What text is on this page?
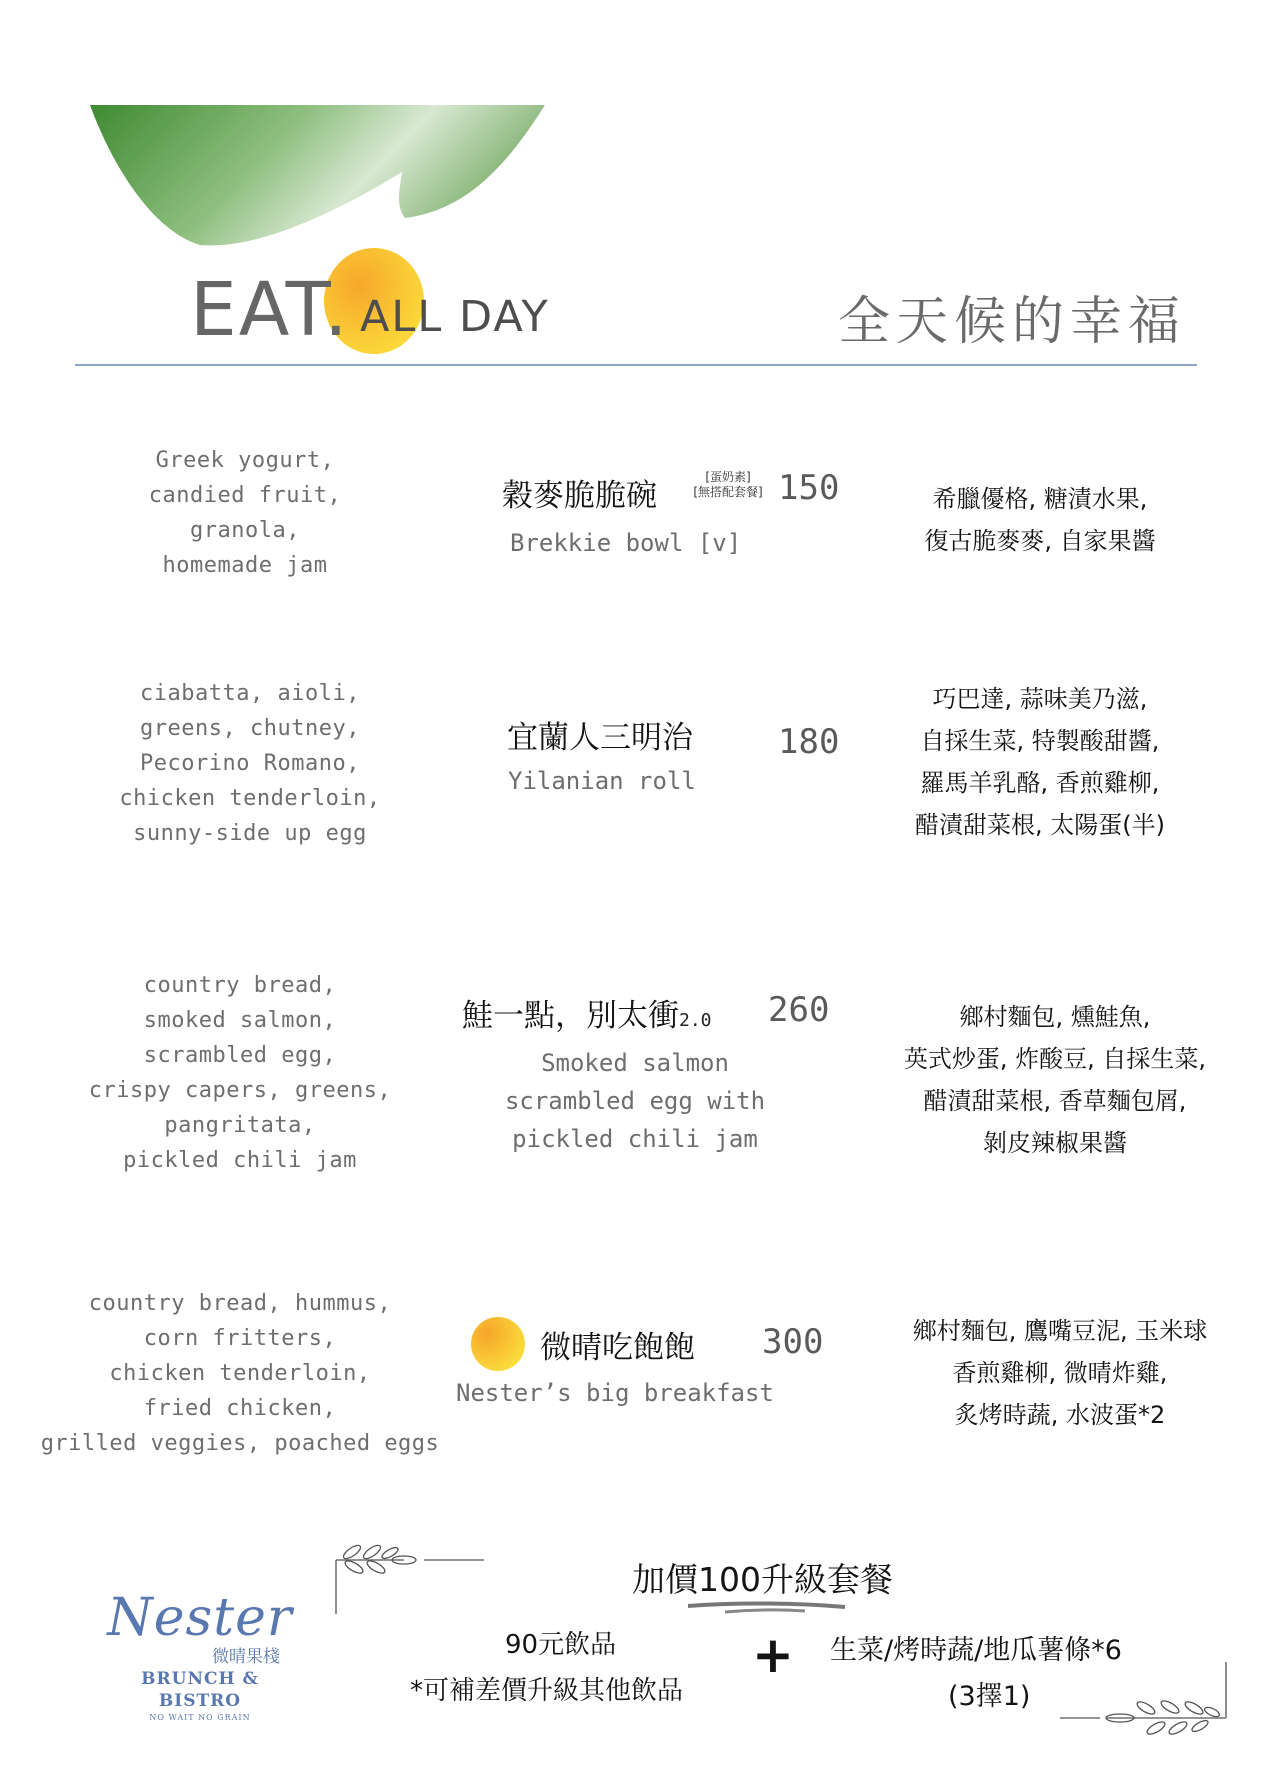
EAT. ALL DAY	全天候的幸福
Greek yogurt,
candied fruit,
granola,
homemade jam
穀麥脆脆碗
[蛋奶素]
[無搭配套餐] 150
Brekkie bowl [v]
希臘優格, 糖漬水果,
復古脆麥麥, 自家果醬
ciabatta, aioli,
greens, chutney,
Pecorino Romano,
chicken tenderloin,
sunny-side up egg
宜蘭人三明治	180
Yilanian roll
巧巴達, 蒜味美乃滋,
自採生菜, 特製酸甜醬,
羅馬羊乳酪, 香煎雞柳,
醋漬甜菜根, 太陽蛋(半)
country bread,
smoked salmon,
scrambled egg,
crispy capers, greens,
pangritata,
pickled chili jam
鮭一點，別太衝2.0 260
Smoked salmon
scrambled egg with
pickled chili jam
鄉村麵包, 燻鮭魚,
英式炒蛋, 炸酸豆, 自採生菜,
醋漬甜菜根, 香草麵包屑,
剝皮辣椒果醬
country bread, hummus,
corn fritters,
chicken tenderloin,
fried chicken,
grilled veggies, poached eggs
微晴吃飽飽 300
Nester’s big breakfast
鄉村麵包, 鷹嘴豆泥, 玉米球
香煎雞柳, 微晴炸雞,
炙烤時蔬, 水波蛋*2
加價100升級套餐
90元飲品
*可補差價升級其他飲品
+ 生菜/烤時蔬/地瓜薯條*6
(3擇1)
Nester
微晴果棧
BRUNCH & BISTRO
NO WAIT NO GRAIN
